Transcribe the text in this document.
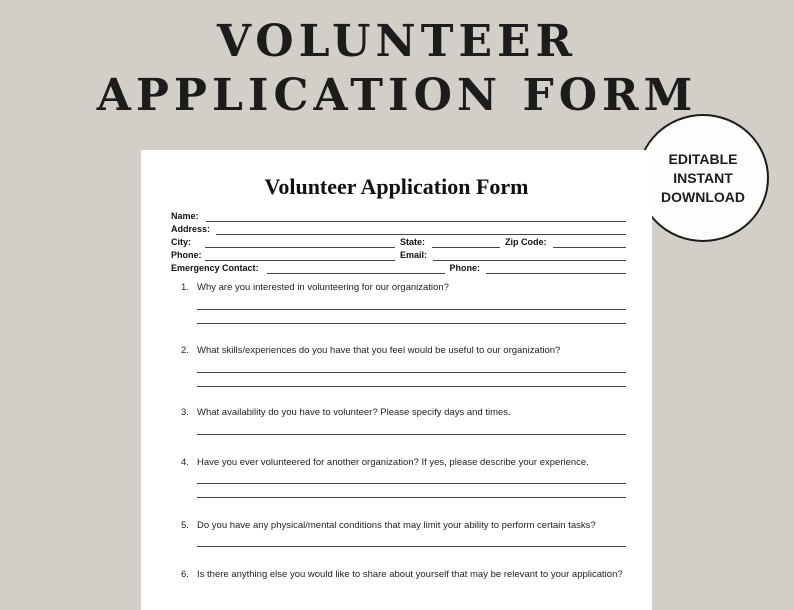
VOLUNTEER
APPLICATION FORM
EDITABLE
INSTANT
DOWNLOAD
Volunteer Application Form
Name:
Address:
City:	State:	Zip Code:
Phone:	Email:
Emergency Contact:	Phone:
1. Why are you interested in volunteering for our organization?
2. What skills/experiences do you have that you feel would be useful to our organization?
3. What availability do you have to volunteer? Please specify days and times.
4. Have you ever volunteered for another organization? If yes, please describe your experience.
5. Do you have any physical/mental conditions that may limit your ability to perform certain tasks?
6. Is there anything else you would like to share about yourself that may be relevant to your application?
